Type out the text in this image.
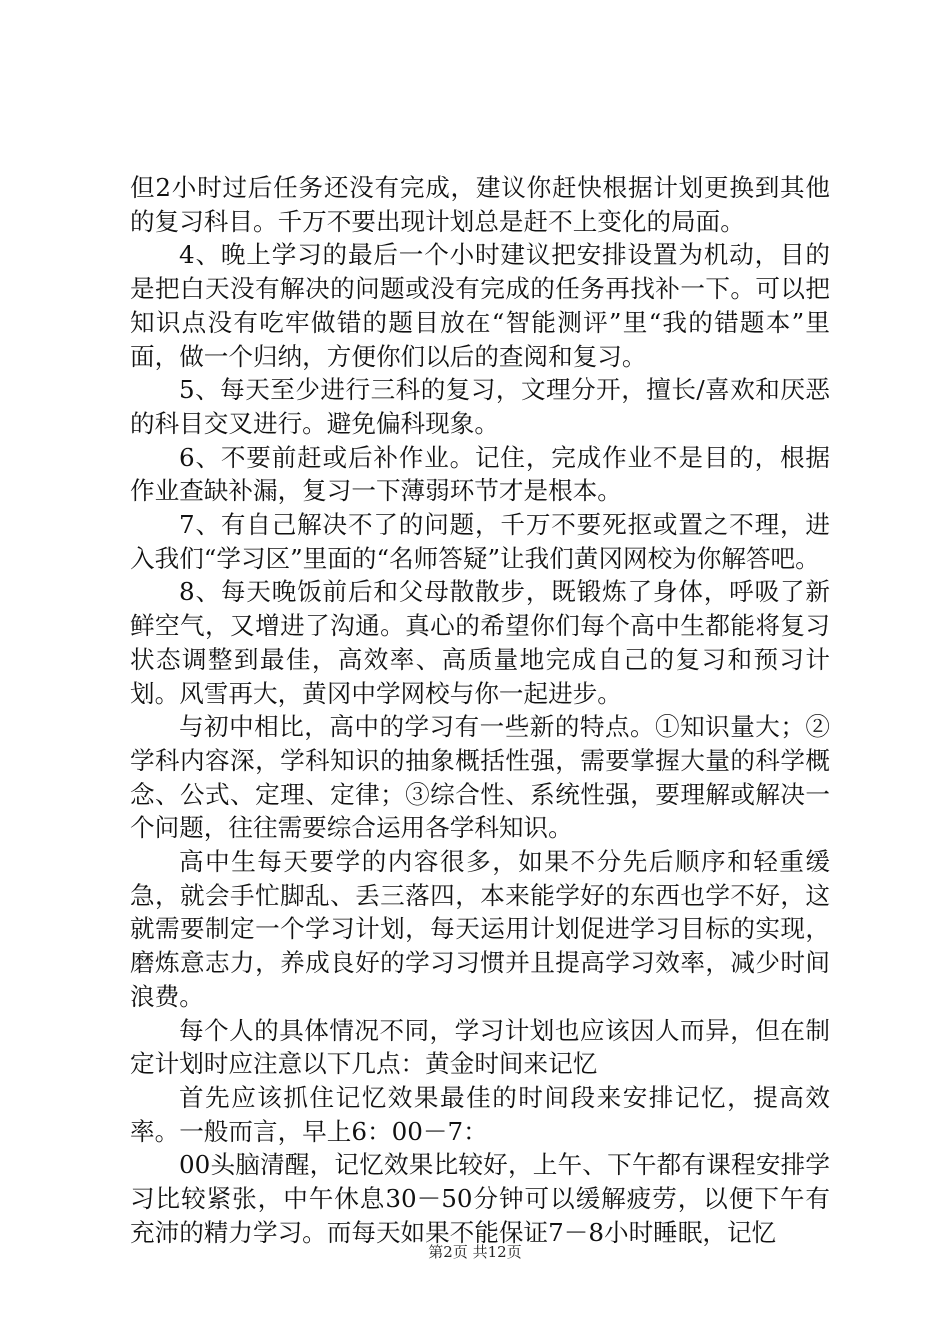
但2小时过后任务还没有完成，建议你赶快根据计划更换到其他的复习科目。千万不要出现计划总是赶不上变化的局面。

4、晚上学习的最后一个小时建议把安排设置为机动，目的是把白天没有解决的问题或没有完成的任务再找补一下。可以把知识点没有吃牢做错的题目放在“智能测评”里“我的错题本”里面，做一个归纳，方便你们以后的查阅和复习。

5、每天至少进行三科的复习，文理分开，擅长/喜欢和厌恶的科目交叉进行。避免偏科现象。

6、不要前赶或后补作业。记住，完成作业不是目的，根据作业查缺补漏，复习一下薄弱环节才是根本。

7、有自己解决不了的问题，千万不要死抠或置之不理，进入我们“学习区”里面的“名师答疑”让我们黄冈网校为你解答吧。

8、每天晚饭前后和父母散散步，既锻炼了身体，呼吸了新鲜空气，又增进了沟通。真心的希望你们每个高中生都能将复习状态调整到最佳，高效率、高质量地完成自己的复习和预习计划。风雪再大，黄冈中学网校与你一起进步。

与初中相比，高中的学习有一些新的特点。①知识量大；②学科内容深，学科知识的抽象概括性强，需要掌握大量的科学概念、公式、定理、定律；③综合性、系统性强，要理解或解决一个问题，往往需要综合运用各学科知识。

高中生每天要学的内容很多，如果不分先后顺序和轻重缓急，就会手忙脚乱、丢三落四，本来能学好的东西也学不好，这就需要制定一个学习计划，每天运用计划促进学习目标的实现，磨炼意志力，养成良好的学习习惯并且提高学习效率，减少时间浪费。

每个人的具体情况不同，学习计划也应该因人而异，但在制定计划时应注意以下几点：黄金时间来记忆

首先应该抓住记忆效果最佳的时间段来安排记忆，提高效率。一般而言，早上6：00－7：

00头脑清醒，记忆效果比较好，上午、下午都有课程安排学习比较紧张，中午休息30－50分钟可以缓解疲劳，以便下午有充沛的精力学习。而每天如果不能保证7－8小时睡眠，记忆

第2页 共12页
